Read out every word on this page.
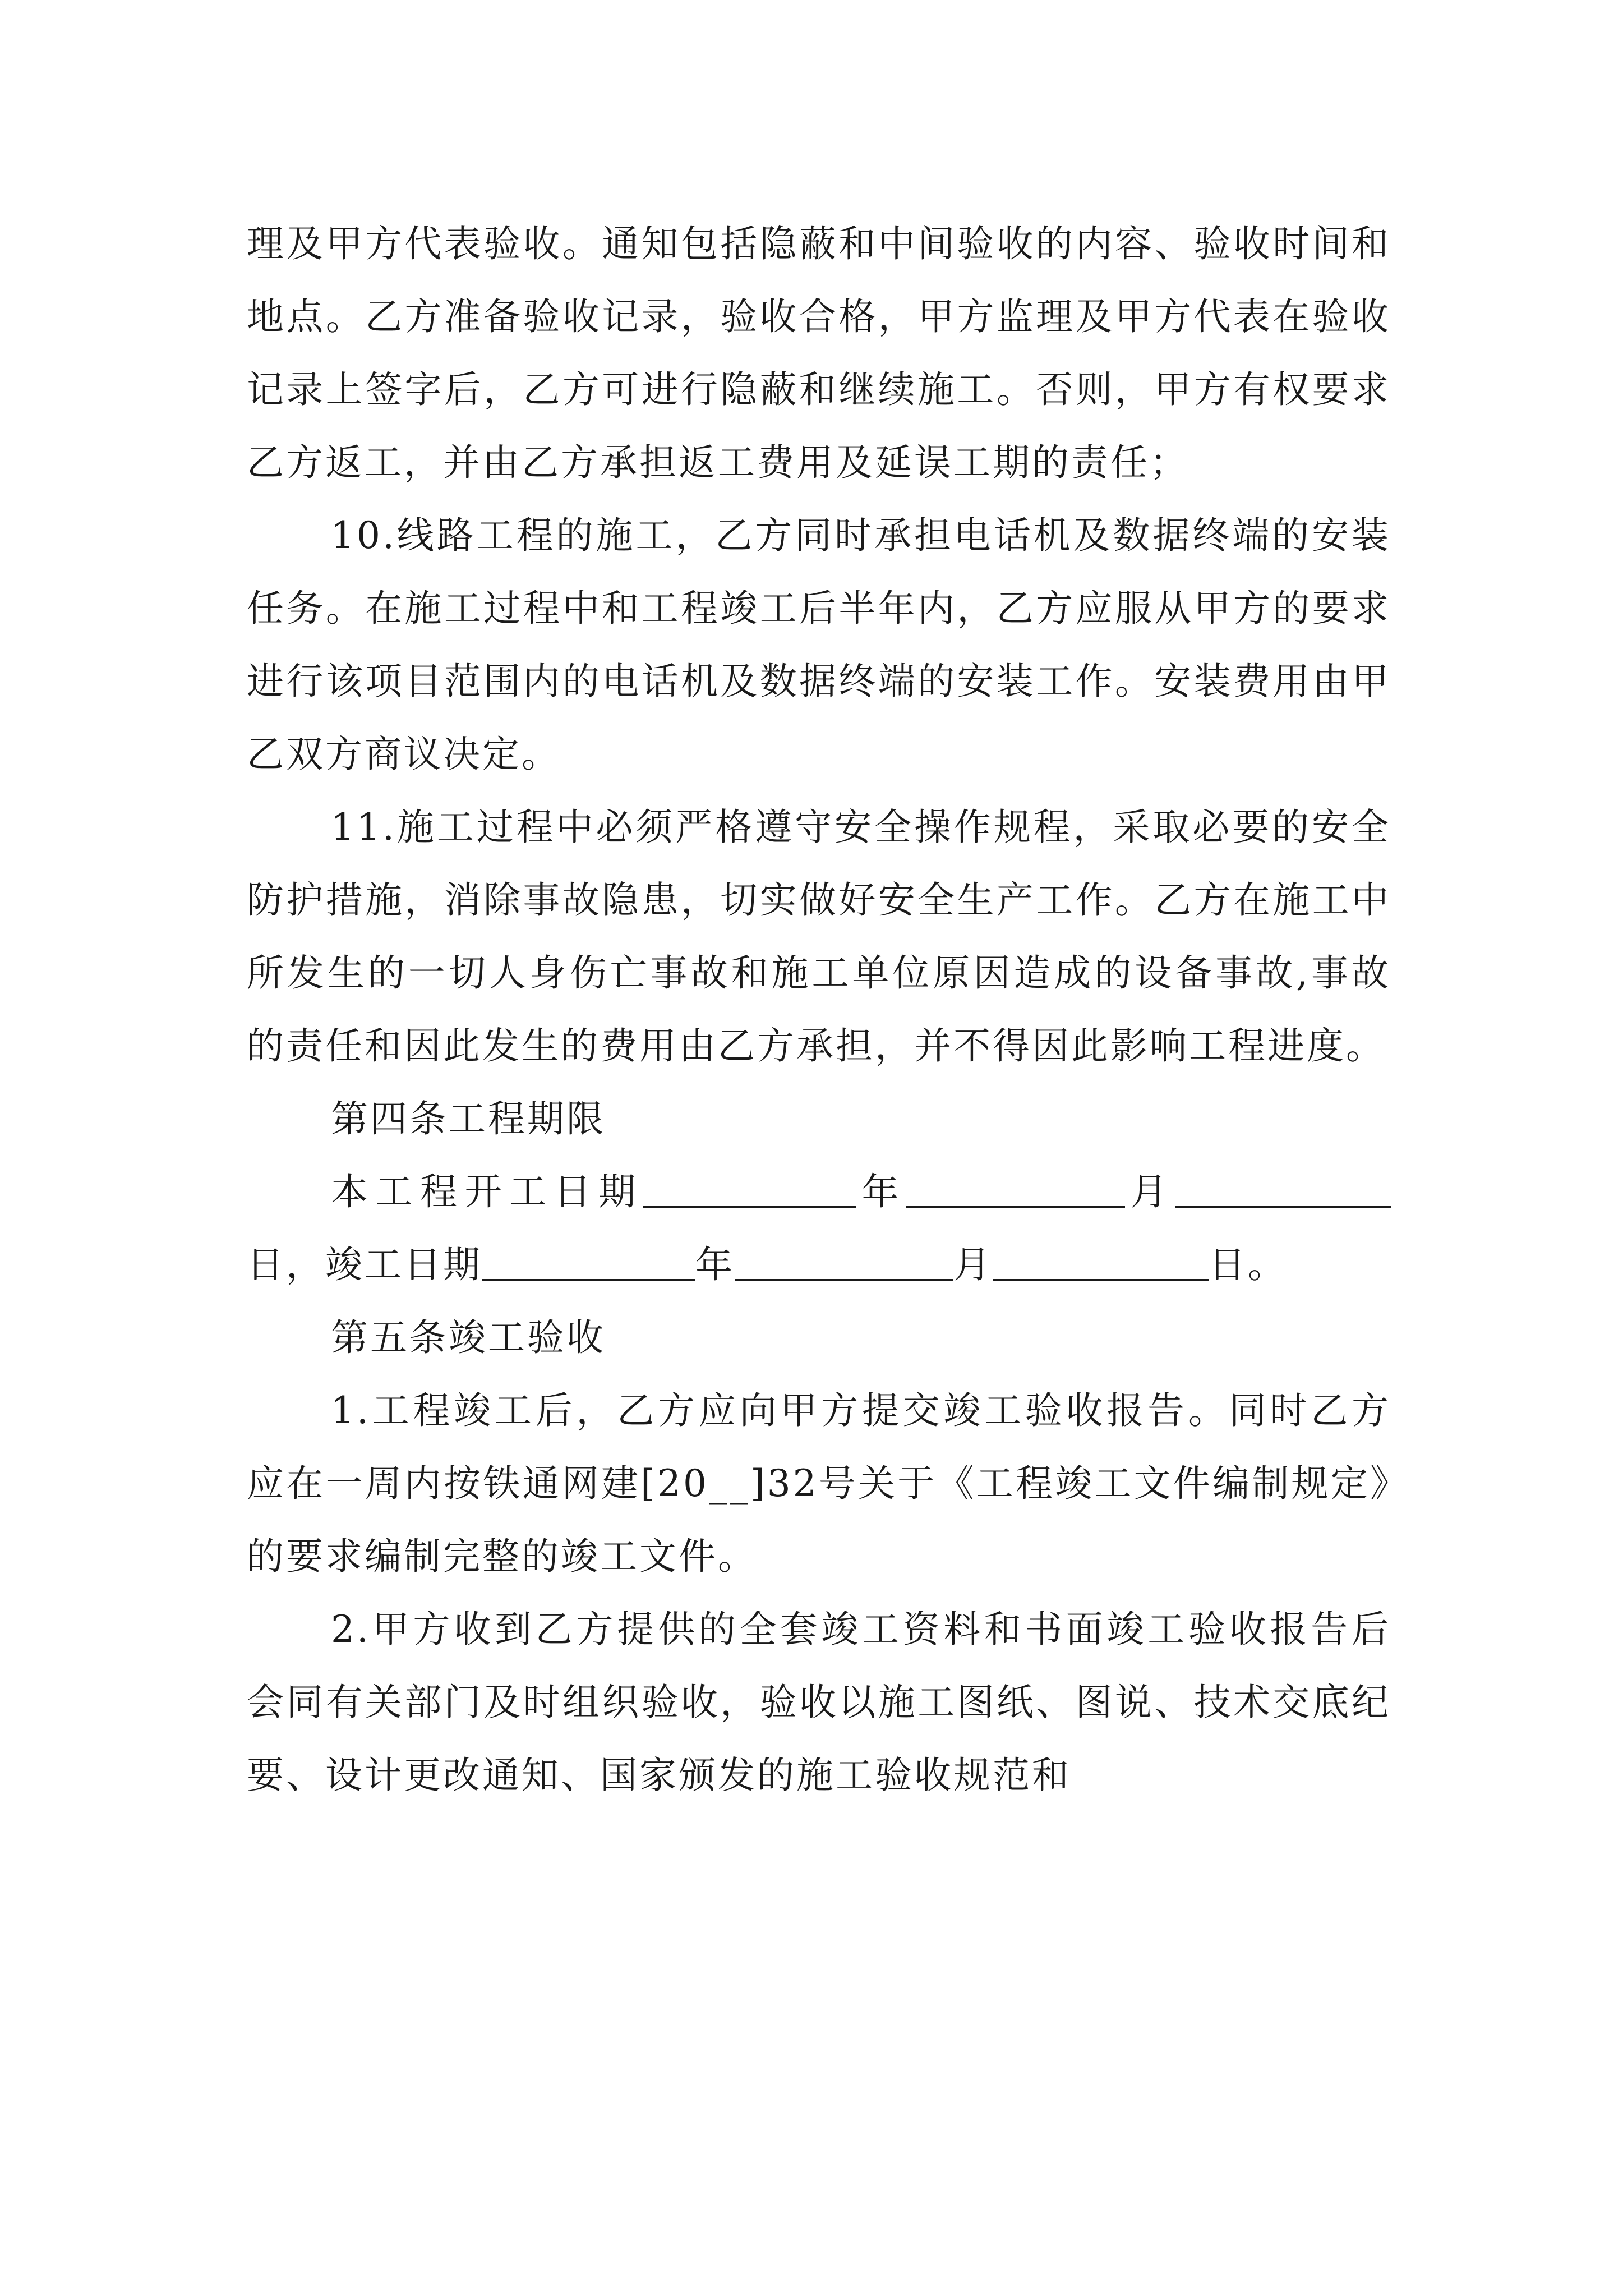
理及甲方代表验收。通知包括隐蔽和中间验收的内容、验收时间和地点。乙方准备验收记录，验收合格，甲方监理及甲方代表在验收记录上签字后，乙方可进行隐蔽和继续施工。否则，甲方有权要求乙方返工，并由乙方承担返工费用及延误工期的责任；

10.线路工程的施工，乙方同时承担电话机及数据终端的安装任务。在施工过程中和工程竣工后半年内，乙方应服从甲方的要求进行该项目范围内的电话机及数据终端的安装工作。安装费用由甲乙双方商议决定。

11.施工过程中必须严格遵守安全操作规程，采取必要的安全防护措施，消除事故隐患，切实做好安全生产工作。乙方在施工中所发生的一切人身伤亡事故和施工单位原因造成的设备事故,事故的责任和因此发生的费用由乙方承担，并不得因此影响工程进度。

第四条工程期限

本工程开工日期	年	月日，竣工日期	年	月	日。

第五条竣工验收

1.工程竣工后，乙方应向甲方提交竣工验收报告。同时乙方应在一周内按铁通网建[20__]32号关于《工程竣工文件编制规定》的要求编制完整的竣工文件。

2.甲方收到乙方提供的全套竣工资料和书面竣工验收报告后会同有关部门及时组织验收，验收以施工图纸、图说、技术交底纪要、设计更改通知、国家颁发的施工验收规范和
